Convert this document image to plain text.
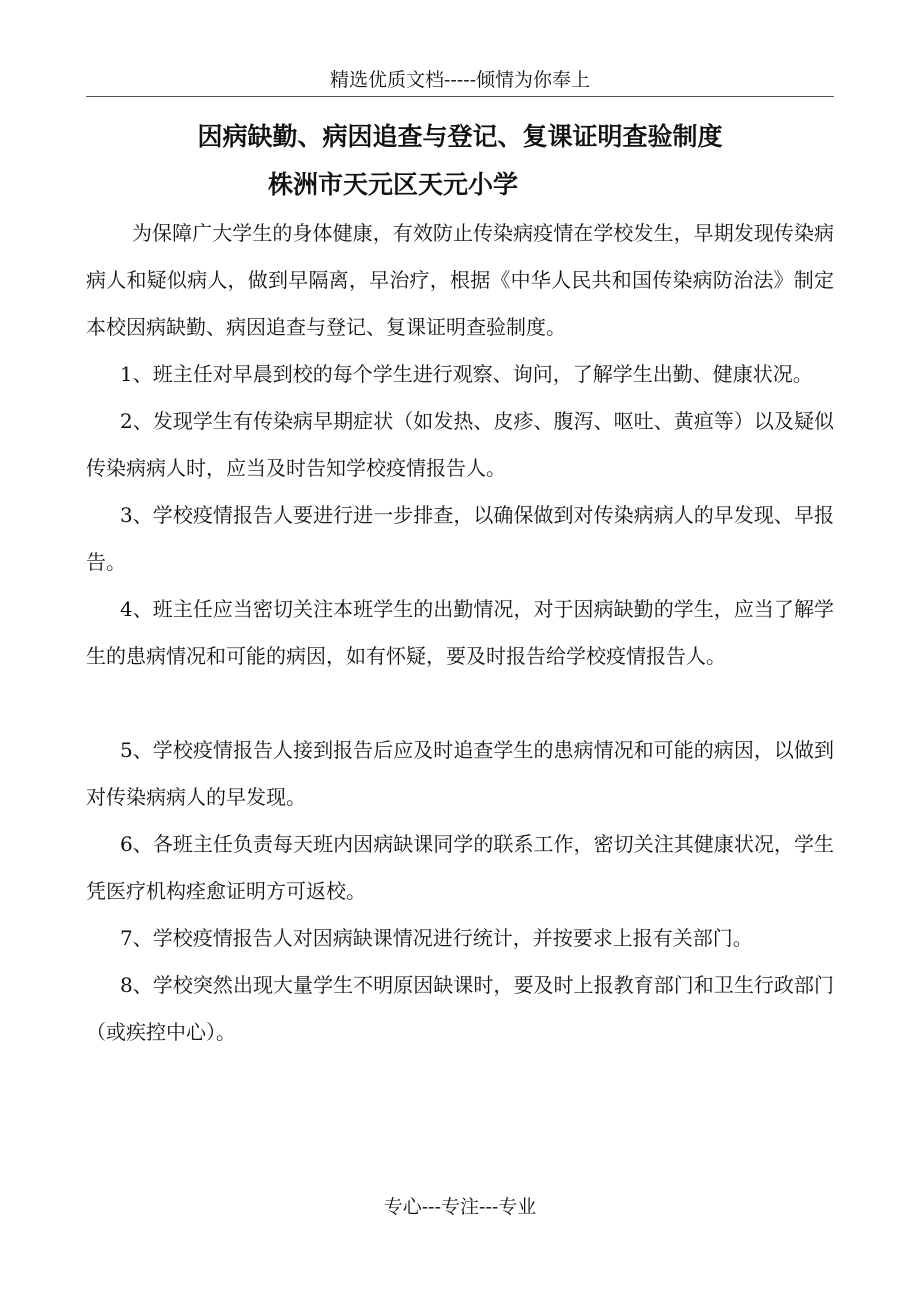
精选优质文档-----倾情为你奉上
因病缺勤、病因追查与登记、复课证明查验制度
株洲市天元区天元小学

为保障广大学生的身体健康，有效防止传染病疫情在学校发生，早期发现传染病病人和疑似病人，做到早隔离，早治疗，根据《中华人民共和国传染病防治法》制定本校因病缺勤、病因追查与登记、复课证明查验制度。

1、班主任对早晨到校的每个学生进行观察、询问，了解学生出勤、健康状况。

2、发现学生有传染病早期症状（如发热、皮疹、腹泻、呕吐、黄疸等）以及疑似传染病病人时，应当及时告知学校疫情报告人。

3、学校疫情报告人要进行进一步排查，以确保做到对传染病病人的早发现、早报告。

4、班主任应当密切关注本班学生的出勤情况，对于因病缺勤的学生，应当了解学生的患病情况和可能的病因，如有怀疑，要及时报告给学校疫情报告人。

5、学校疫情报告人接到报告后应及时追查学生的患病情况和可能的病因，以做到对传染病病人的早发现。

6、各班主任负责每天班内因病缺课同学的联系工作，密切关注其健康状况，学生凭医疗机构痊愈证明方可返校。

7、学校疫情报告人对因病缺课情况进行统计，并按要求上报有关部门。

8、学校突然出现大量学生不明原因缺课时，要及时上报教育部门和卫生行政部门（或疾控中心）。

专心---专注---专业
